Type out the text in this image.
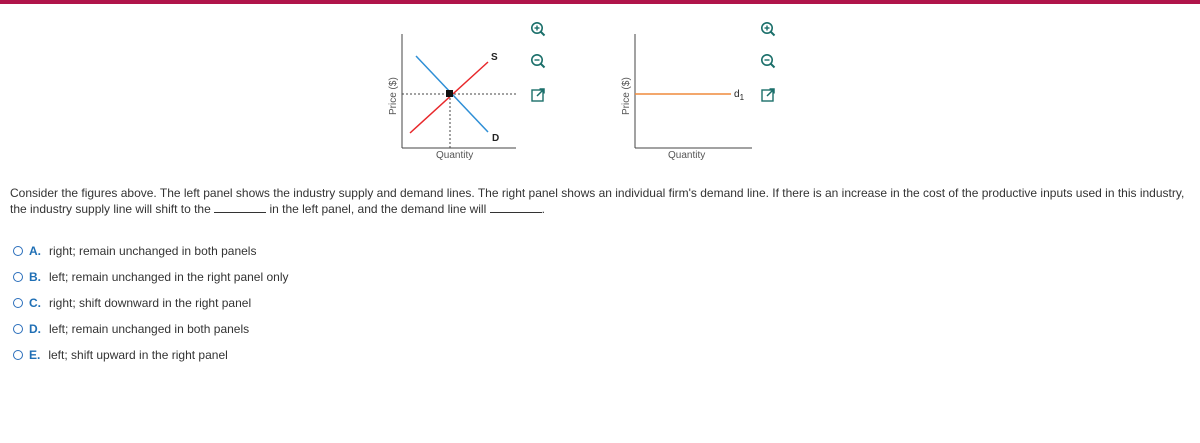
S
D
Price ($)
Quantity
$d_1$
Price ($)
Quantity
Consider the figures above. The left panel shows the industry supply and demand lines. The right panel shows an individual firm's demand line. If there is an increase in the cost of the productive inputs used in this industry, the industry supply line will shift to the	in the left panel, and the demand line will	.
A. right; remain unchanged in both panels
B. left; remain unchanged in the right panel only
C. right; shift downward in the right panel
D. left; remain unchanged in both panels
E. left; shift upward in the right panel
